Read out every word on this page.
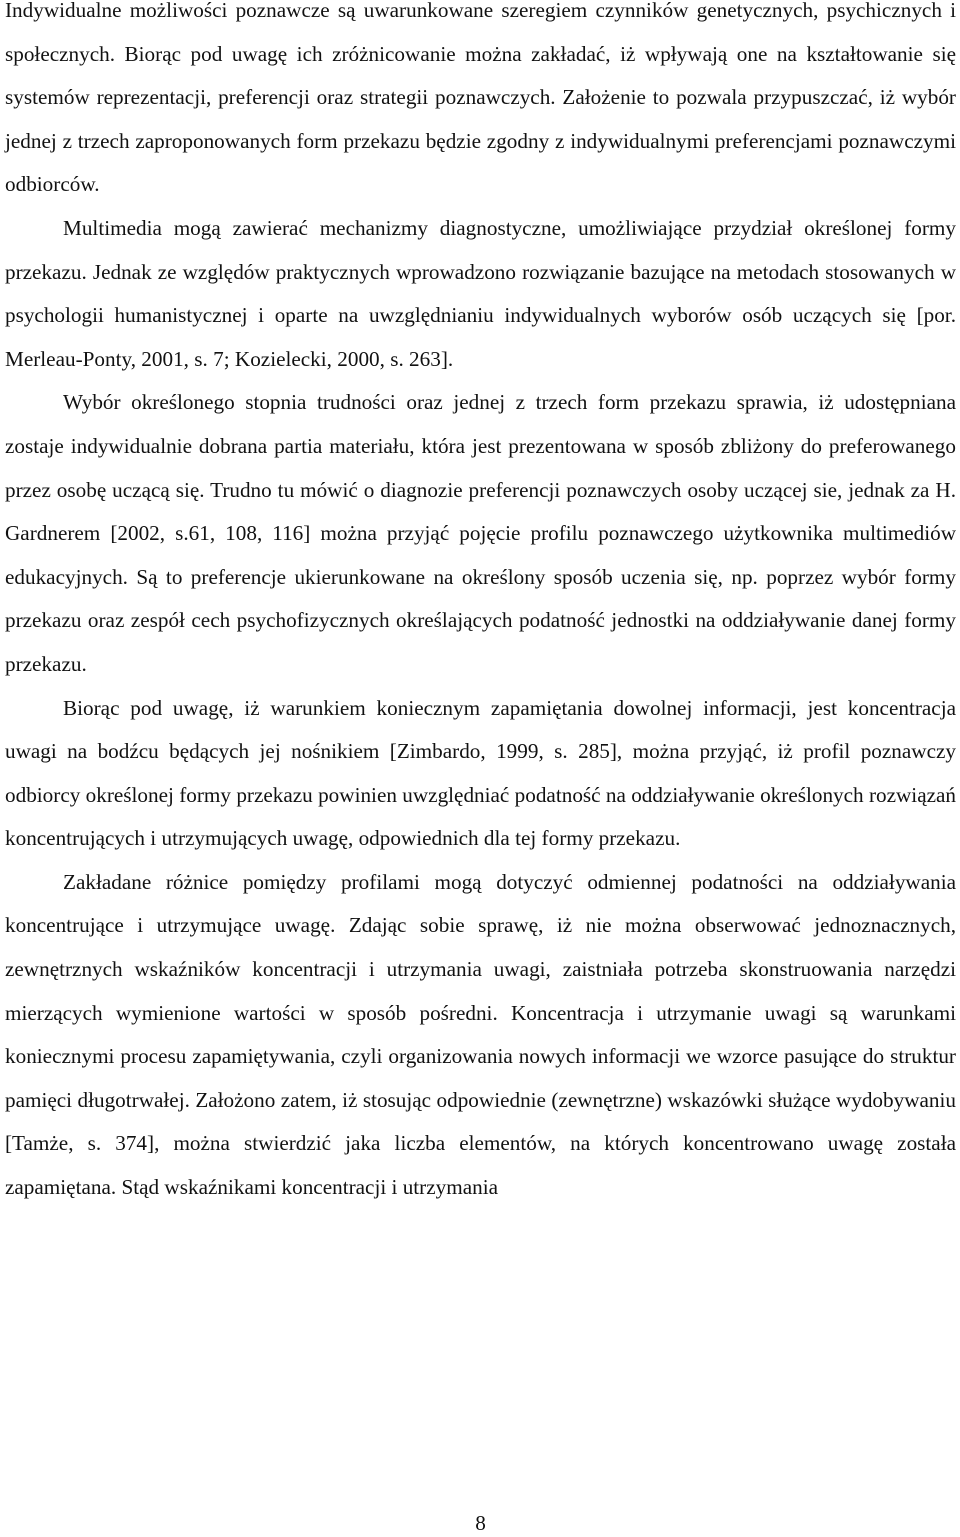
Indywidualne możliwości poznawcze są uwarunkowane szeregiem czynników genetycznych, psychicznych i społecznych. Biorąc pod uwagę ich zróżnicowanie można zakładać, iż wpływają one na kształtowanie się systemów reprezentacji, preferencji oraz strategii poznawczych. Założenie to pozwala przypuszczać, iż wybór jednej z trzech zaproponowanych form przekazu będzie zgodny z indywidualnymi preferencjami poznawczymi odbiorców.

Multimedia mogą zawierać mechanizmy diagnostyczne, umożliwiające przydział określonej formy przekazu. Jednak ze względów praktycznych wprowadzono rozwiązanie bazujące na metodach stosowanych w psychologii humanistycznej i oparte na uwzględnianiu indywidualnych wyborów osób uczących się [por. Merleau-Ponty, 2001, s. 7; Kozielecki, 2000, s. 263].

Wybór określonego stopnia trudności oraz jednej z trzech form przekazu sprawia, iż udostępniana zostaje indywidualnie dobrana partia materiału, która jest prezentowana w sposób zbliżony do preferowanego przez osobę uczącą się. Trudno tu mówić o diagnozie preferencji poznawczych osoby uczącej sie, jednak za H. Gardnerem [2002, s.61, 108, 116] można przyjąć pojęcie profilu poznawczego użytkownika multimediów edukacyjnych. Są to preferencje ukierunkowane na określony sposób uczenia się, np. poprzez wybór formy przekazu oraz zespół cech psychofizycznych określających podatność jednostki na oddziaływanie danej formy przekazu.

Biorąc pod uwagę, iż warunkiem koniecznym zapamiętania dowolnej informacji, jest koncentracja uwagi na bodźcu będących jej nośnikiem [Zimbardo, 1999, s. 285], można przyjąć, iż profil poznawczy odbiorcy określonej formy przekazu powinien uwzględniać podatność na oddziaływanie określonych rozwiązań koncentrujących i utrzymujących uwagę, odpowiednich dla tej formy przekazu.

Zakładane różnice pomiędzy profilami mogą dotyczyć odmiennej podatności na oddziaływania koncentrujące i utrzymujące uwagę. Zdając sobie sprawę, iż nie można obserwować jednoznacznych, zewnętrznych wskaźników koncentracji i utrzymania uwagi, zaistniała potrzeba skonstruowania narzędzi mierzących wymienione wartości w sposób pośredni. Koncentracja i utrzymanie uwagi są warunkami koniecznymi procesu zapamiętywania, czyli organizowania nowych informacji we wzorce pasujące do struktur pamięci długotrwałej. Założono zatem, iż stosując odpowiednie (zewnętrzne) wskazówki służące wydobywaniu [Tamże, s. 374], można stwierdzić jaka liczba elementów, na których koncentrowano uwagę została zapamiętana. Stąd wskaźnikami koncentracji i utrzymania

8
